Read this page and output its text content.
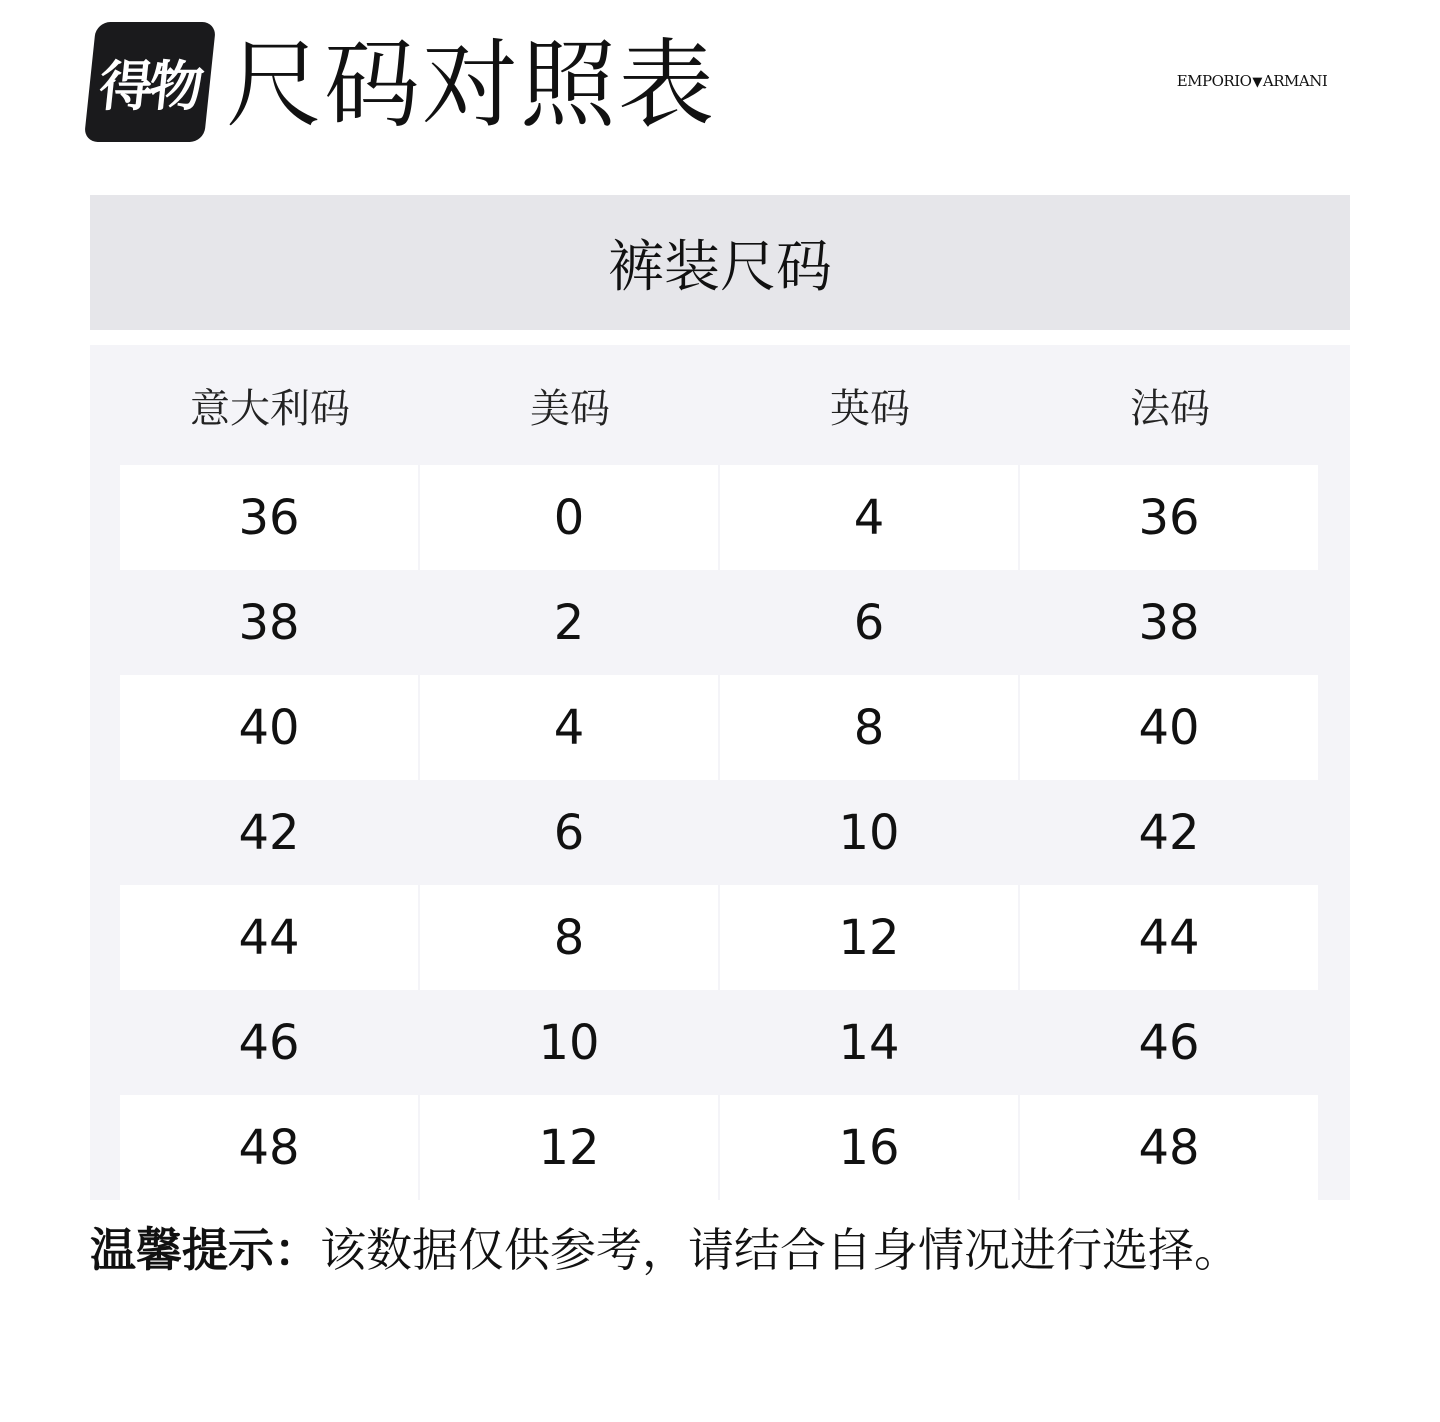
得物 尺码对照表	EMPORIO▼ARMANI
裤装尺码
意大利码	美码	英码	法码
36	0	4	36
38	2	6	38
40	4	8	40
42	6	10	42
44	8	12	44
46	10	14	46
48	12	16	48
温馨提示：该数据仅供参考，请结合自身情况进行选择。
